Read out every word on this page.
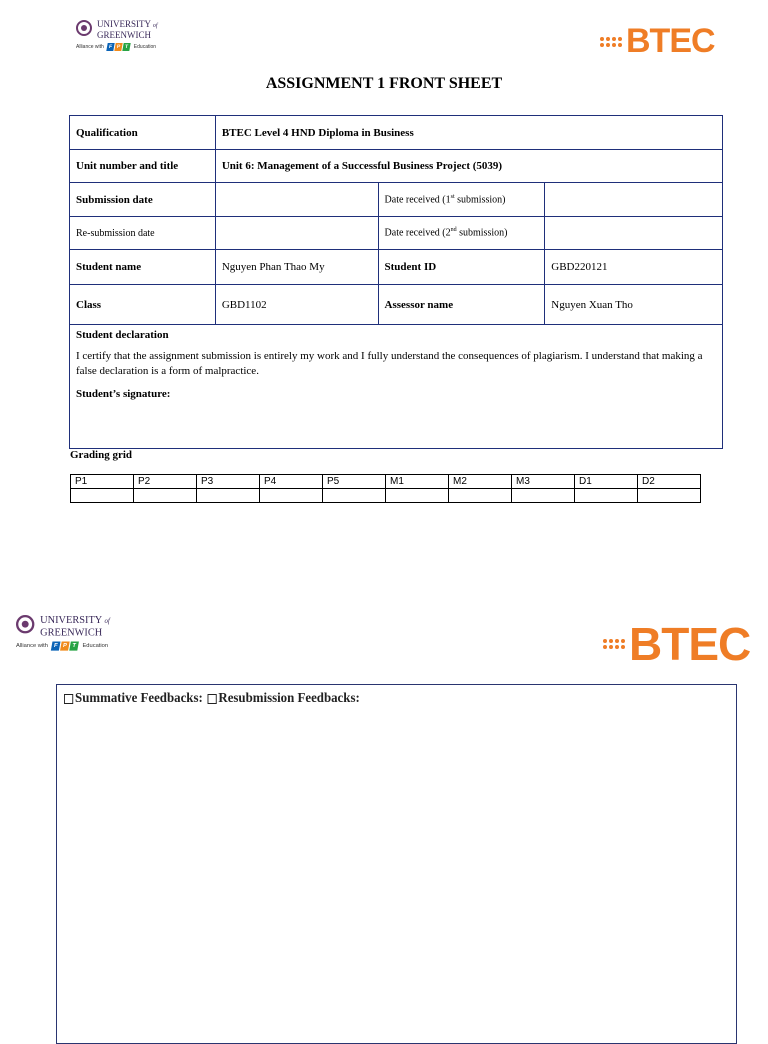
UNIVERSITY of
GREENWICH
Alliance with F P T	Education	BTEC
ASSIGNMENT 1 FRONT SHEET
Qualification	BTEC Level 4 HND Diploma in Business		
Unit number and title	Unit 6: Management of a Successful Business Project (5039)		
Submission date		Date received (1st submission)	
Re-submission date		Date received (2nd submission)	
Student name	Nguyen Phan Thao My	Student ID	GBD220121
Class	GBD1102	Assessor name	Nguyen Xuan Tho

Student declaration
I certify that the assignment submission is entirely my work and I fully understand the consequences of plagiarism. I understand that making a false declaration is a form of malpractice.
Student’s signature:			
Grading grid
P1	P2	P3	P4	P5	M1	M2	M3	D1	D2

UNIVERSITY of
GREENWICH
Alliance with	F P T	Education	BTEC
Summative Feedbacks: Resubmission Feedbacks:
